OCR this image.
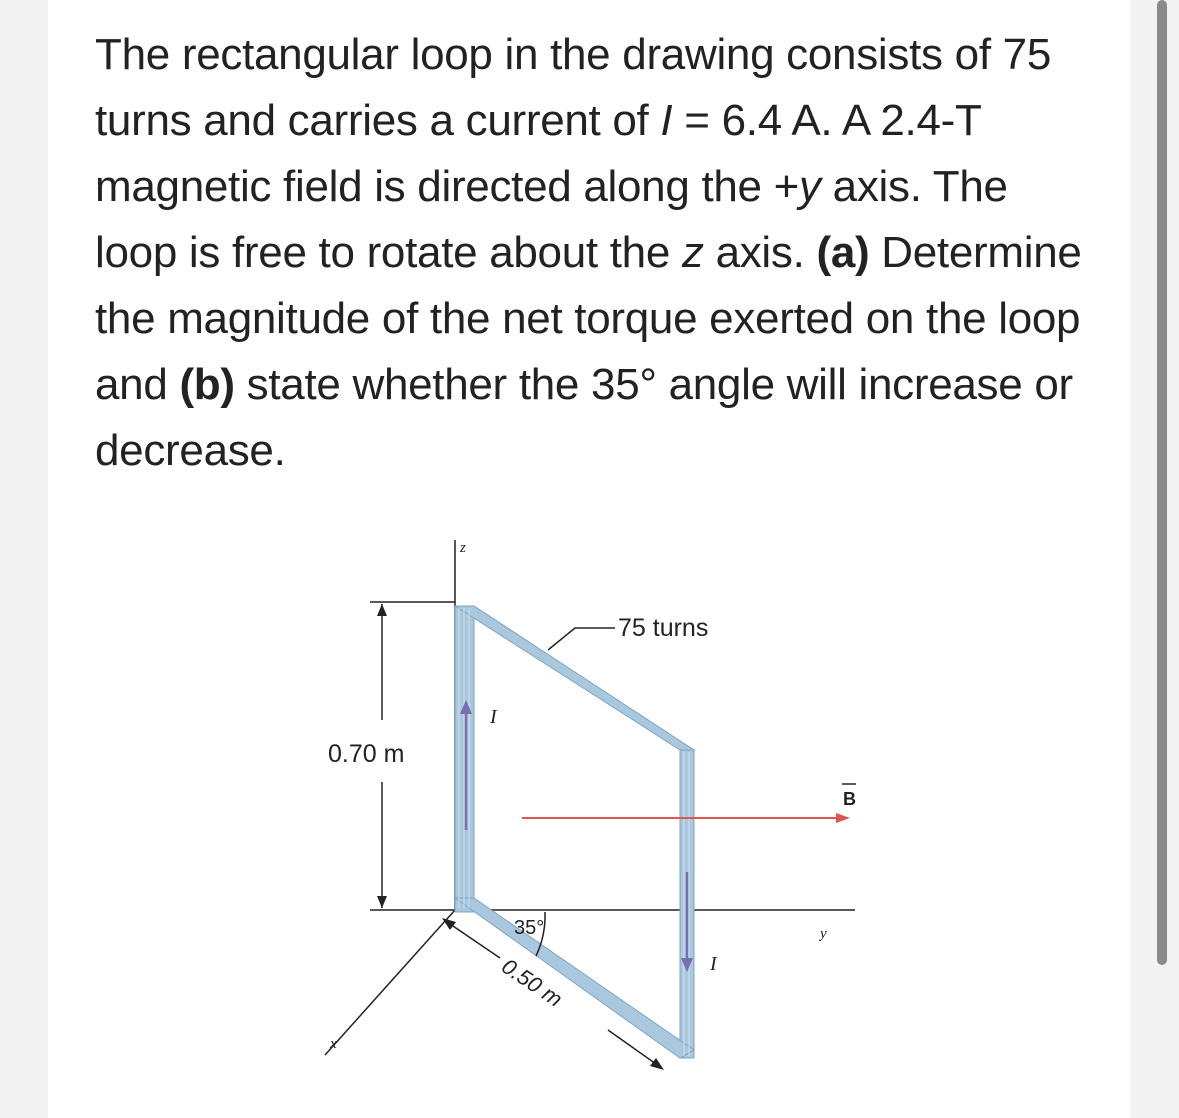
The rectangular loop in the drawing consists of 75 turns and carries a current of I = 6.4 A. A 2.4-T magnetic field is directed along the +y axis. The loop is free to rotate about the z axis. (a) Determine the magnitude of the net torque exerted on the loop and (b) state whether the 35° angle will increase or decrease.

z
y
x
0.70 m
75 turns
I
I
B
35°
0.50 m
